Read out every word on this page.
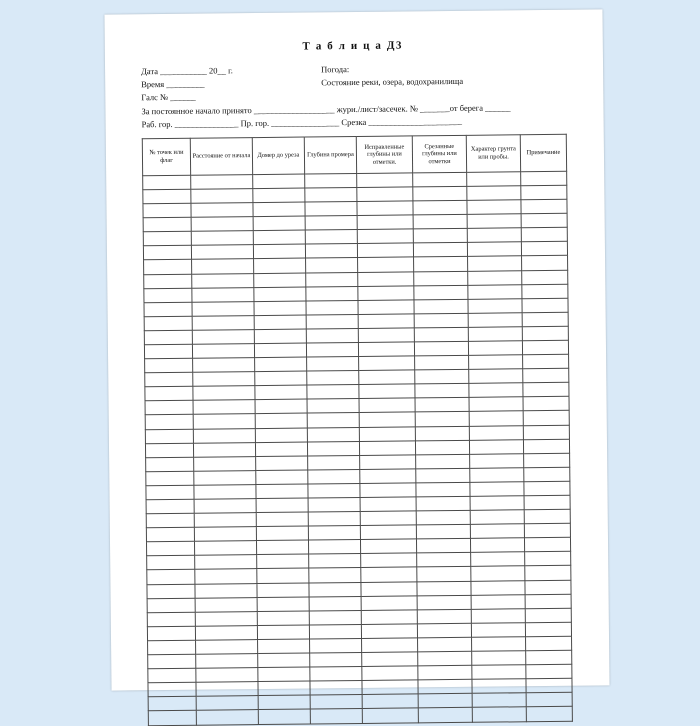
Т а б л и ц а Д3
Дата ___________ 20__ г.	Погода:
Время _________	Состояние реки, озера, водохранилища
Галс № ______
За постоянное начало принято ___________________ журн./лист/засечек. № _______от берега ______
Раб. гор. _______________ Пр. гор. ________________ Срезка ______________________
№ точек или флаг	Расстояние от начала	Домер до уреза	Глубина промера	Исправленные глубины или отметки.	Срезанные глубины или отметки	Характер грунта или пробы.	Примечание
